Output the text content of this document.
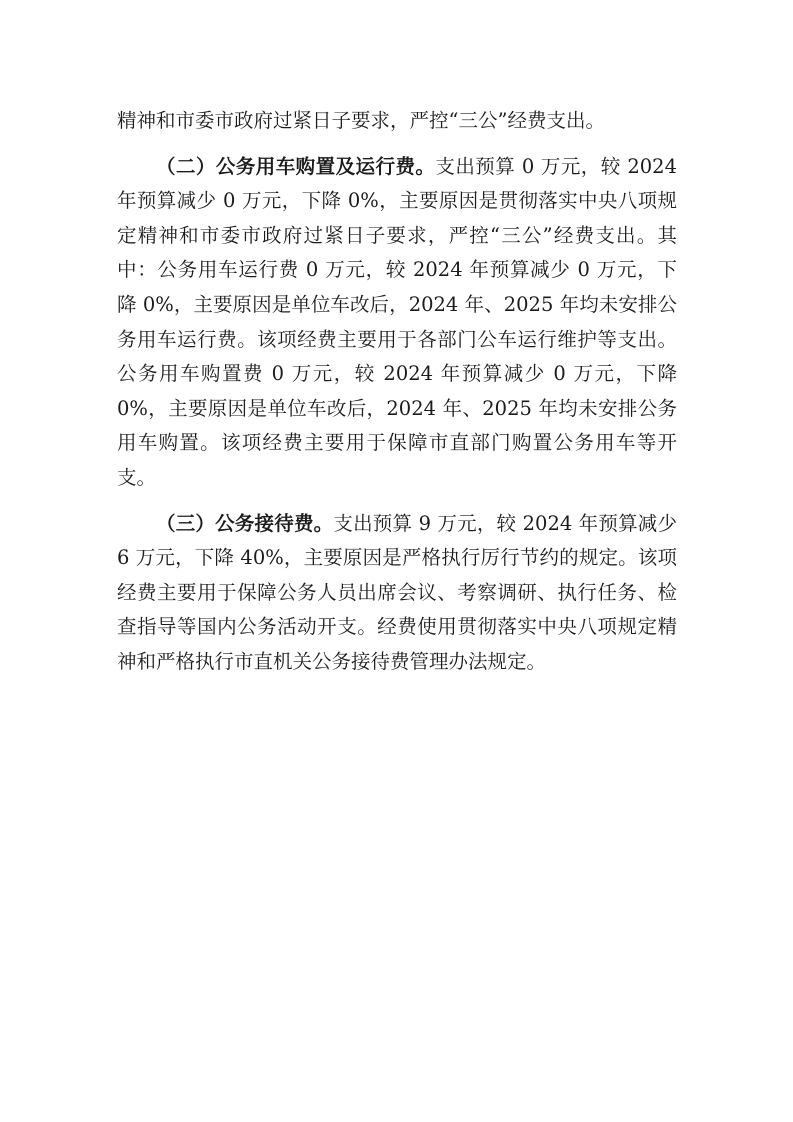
精神和市委市政府过紧日子要求，严控“三公”经费支出。

（二）公务用车购置及运行费。支出预算 0 万元，较 2024 年预算减少 0 万元，下降 0%，主要原因是贯彻落实中央八项规定精神和市委市政府过紧日子要求，严控“三公”经费支出。其中：公务用车运行费 0 万元，较 2024 年预算减少 0 万元，下降 0%，主要原因是单位车改后，2024 年、2025 年均未安排公务用车运行费。该项经费主要用于各部门公车运行维护等支出。公务用车购置费 0 万元，较 2024 年预算减少 0 万元，下降 0%，主要原因是单位车改后，2024 年、2025 年均未安排公务用车购置。该项经费主要用于保障市直部门购置公务用车等开支。

（三）公务接待费。支出预算 9 万元，较 2024 年预算减少 6 万元，下降 40%，主要原因是严格执行厉行节约的规定。该项经费主要用于保障公务人员出席会议、考察调研、执行任务、检查指导等国内公务活动开支。经费使用贯彻落实中央八项规定精神和严格执行市直机关公务接待费管理办法规定。
